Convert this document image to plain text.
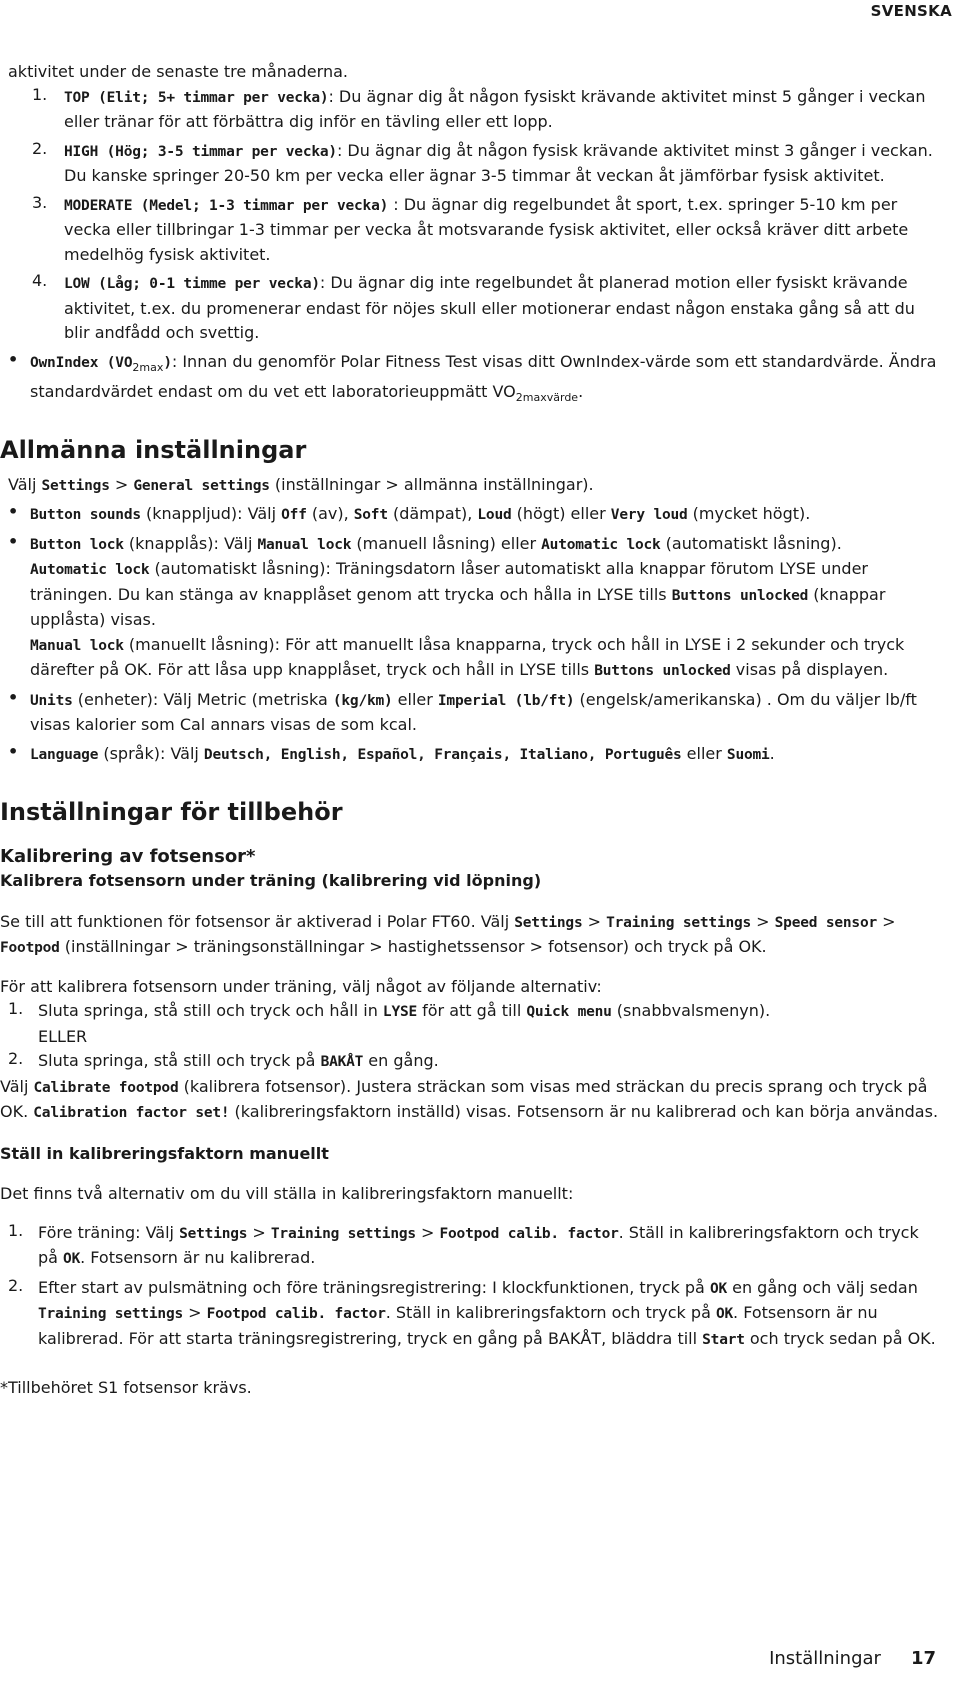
SVENSKA

aktivitet under de senaste tre månaderna.

1.	TOP (Elit; 5+ timmar per vecka): Du ägnar dig åt någon fysiskt krävande aktivitet minst 5 gånger i veckan eller tränar för att förbättra dig inför en tävling eller ett lopp.

2.	HIGH (Hög; 3-5 timmar per vecka): Du ägnar dig åt någon fysisk krävande aktivitet minst 3 gånger i veckan. Du kanske springer 20-50 km per vecka eller ägnar 3-5 timmar åt veckan åt jämförbar fysisk aktivitet.

3.	MODERATE (Medel; 1-3 timmar per vecka) : Du ägnar dig regelbundet åt sport, t.ex. springer 5-10 km per vecka eller tillbringar 1-3 timmar per vecka åt motsvarande fysisk aktivitet, eller också kräver ditt arbete medelhög fysisk aktivitet.

4.	LOW (Låg; 0-1 timme per vecka): Du ägnar dig inte regelbundet åt planerad motion eller fysiskt krävande aktivitet, t.ex. du promenerar endast för nöjes skull eller motionerar endast någon enstaka gång så att du blir andfådd och svettig.

• OwnIndex $(VO_{2max})$: Innan du genomför Polar Fitness Test visas ditt OwnIndex-värde som ett standardvärde. Ändra standardvärdet endast om du vet ett laboratorieuppmätt $VO_{2maxvärde}$.

Allmänna inställningar

Välj Settings > General settings (inställningar > allmänna inställningar).

• Button sounds (knappljud): Välj Off (av), Soft (dämpat), Loud (högt) eller Very loud (mycket högt).

• Button lock (knapplås): Välj Manual lock (manuell låsning) eller Automatic lock (automatiskt låsning).

Automatic lock (automatiskt låsning): Träningsdatorn låser automatiskt alla knappar förutom LYSE under träningen. Du kan stänga av knapplåset genom att trycka och hålla in LYSE tills Buttons unlocked (knappar upplåsta) visas.

Manual lock (manuellt låsning): För att manuellt låsa knapparna, tryck och håll in LYSE i 2 sekunder och tryck därefter på OK. För att låsa upp knapplåset, tryck och håll in LYSE tills Buttons unlocked visas på displayen.

• Units (enheter): Välj Metric (metriska (kg/km) eller Imperial (lb/ft) (engelsk/amerikanska) . Om du väljer lb/ft visas kalorier som Cal annars visas de som kcal.

• Language (språk): Välj Deutsch, English, Español, Français, Italiano, Português eller Suomi.

Inställningar för tillbehör
Kalibrering av fotsensor*

Kalibrera fotsensorn under träning (kalibrering vid löpning)

Se till att funktionen för fotsensor är aktiverad i Polar FT60. Välj Settings > Training settings > Speed sensor > Footpod (inställningar > träningsonställningar > hastighetssensor > fotsensor) och tryck på OK.

För att kalibrera fotsensorn under träning, välj något av följande alternativ:

1. Sluta springa, stå still och tryck och håll in LYSE för att gå till Quick menu (snabbvalsmenyn).

ELLER

2. Sluta springa, stå still och tryck på BAKÅT en gång.

Välj Calibrate footpod (kalibrera fotsensor). Justera sträckan som visas med sträckan du precis sprang och tryck på OK. Calibration factor set! (kalibreringsfaktorn inställd) visas. Fotsensorn är nu kalibrerad och kan börja användas.

Ställ in kalibreringsfaktorn manuellt

Det finns två alternativ om du vill ställa in kalibreringsfaktorn manuellt:

1. Före träning: Välj Settings > Training settings > Footpod calib. factor. Ställ in kalibreringsfaktorn och tryck på OK. Fotsensorn är nu kalibrerad.

2. Efter start av pulsmätning och före träningsregistrering: I klockfunktionen, tryck på OK en gång och välj sedan Training settings > Footpod calib. factor. Ställ in kalibreringsfaktorn och tryck på OK. Fotsensorn är nu kalibrerad. För att starta träningsregistrering, tryck en gång på BAKÅT, bläddra till Start och tryck sedan på OK.

*Tillbehöret S1 fotsensor krävs.

Inställningar 17
